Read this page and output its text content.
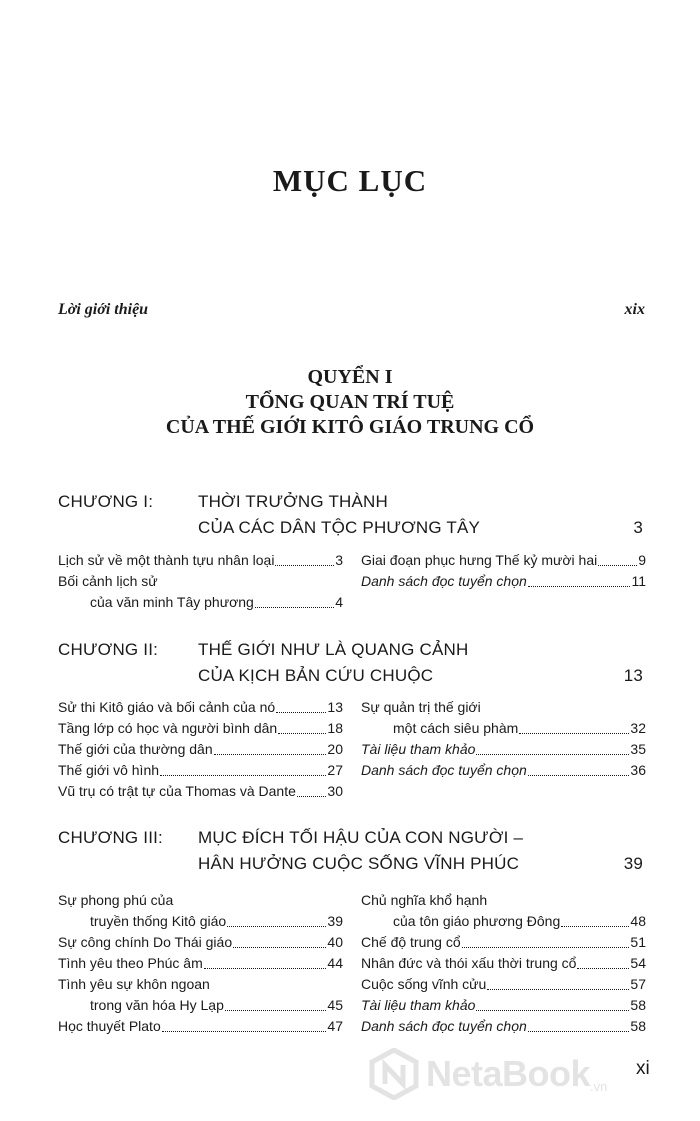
MỤC LỤC
Lời giới thiệu	xix
QUYỂN I
TỔNG QUAN TRÍ TUỆ
CỦA THẾ GIỚI KITÔ GIÁO TRUNG CỔ
CHƯƠNG I:	THỜI TRƯỞNG THÀNH
CỦA CÁC DÂN TỘC PHƯƠNG TÂY	3
Lịch sử về một thành tựu nhân loại	3
Bối cảnh lịch sử
của văn minh Tây phương	4
Giai đoạn phục hưng Thế kỷ mười hai	9
Danh sách đọc tuyển chọn	11
CHƯƠNG II: THẾ GIỚI NHƯ LÀ QUANG CẢNH
CỦA KỊCH BẢN CỨU CHUỘC	13
Sử thi Kitô giáo và bối cảnh của nó	13
Tầng lớp có học và người bình dân	18
Thế giới của thường dân	20
Thế giới vô hình	27
Vũ trụ có trật tự của Thomas và Dante 30
Sự quản trị thế giới
một cách siêu phàm	32
Tài liệu tham khảo	35
Danh sách đọc tuyển chọn	36
CHƯƠNG III: MỤC ĐÍCH TỐI HẬU CỦA CON NGƯỜI –
HÂN HƯỞNG CUỘC SỐNG VĨNH PHÚC	39
Sự phong phú của
truyền thống Kitô giáo	39
Sự công chính Do Thái giáo	40
Tình yêu theo Phúc âm	44
Tình yêu sự khôn ngoan
trong văn hóa Hy Lạp	45
Học thuyết Plato	47
Chủ nghĩa khổ hạnh
của tôn giáo phương Đông	48
Chế độ trung cổ	51
Nhân đức và thói xấu thời trung cổ	54
Cuộc sống vĩnh cửu	57
Tài liệu tham khảo	58
Danh sách đọc tuyển chọn	58
NetaBook .vn
xi
